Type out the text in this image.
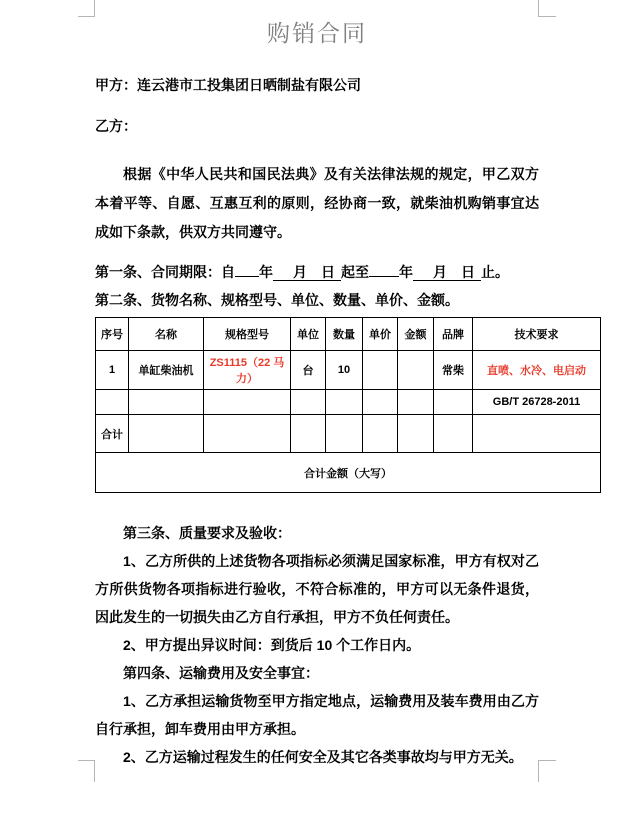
购销合同
甲方：连云港市工投集团日晒制盐有限公司
乙方：
根据《中华人民共和国民法典》及有关法律法规的规定，甲乙双方本着平等、自愿、互惠互利的原则，经协商一致，就柴油机购销事宜达成如下条款，供双方共同遵守。
第一条、合同期限：自 年　月　日 起至 年　月　日 止。
第二条、货物名称、规格型号、单位、数量、单价、金额。
序号	名称	规格型号	单位	数量	单价	金额	品牌	技术要求
1	单缸柴油机	ZS1115（22 马力）	台	10			常柴	直喷、水冷、电启动
								GB/T 26728-2011
合计								
合计金额（大写）								

第三条、质量要求及验收：

1、乙方所供的上述货物各项指标必须满足国家标准，甲方有权对乙方所供货物各项指标进行验收，不符合标准的，甲方可以无条件退货，因此发生的一切损失由乙方自行承担，甲方不负任何责任。

2、甲方提出异议时间：到货后 10 个工作日内。

第四条、运输费用及安全事宜：

1、乙方承担运输货物至甲方指定地点，运输费用及装车费用由乙方自行承担，卸车费用由甲方承担。

2、乙方运输过程发生的任何安全及其它各类事故均与甲方无关。
